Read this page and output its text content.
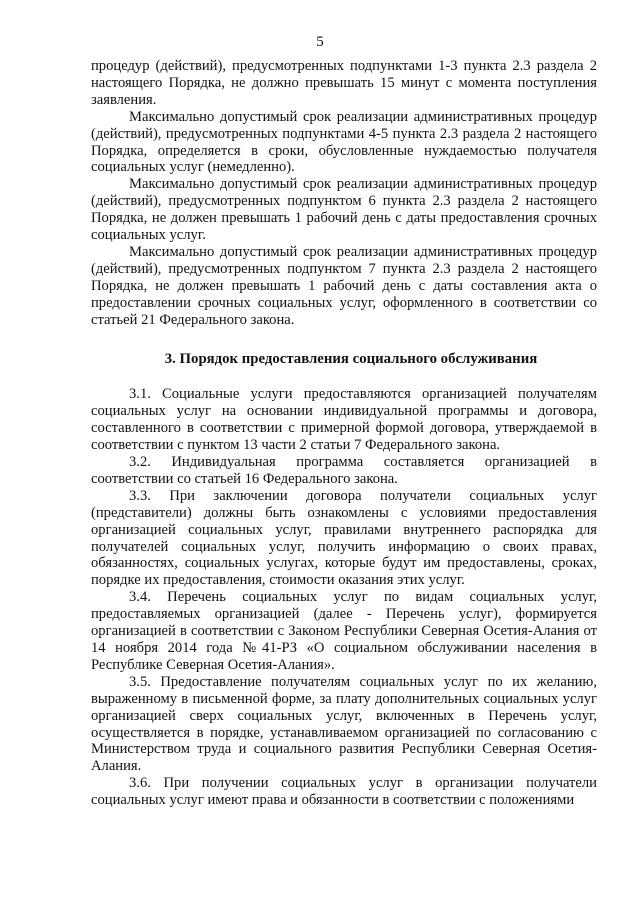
5

процедур (действий), предусмотренных подпунктами 1-3 пункта 2.3 раздела 2 настоящего Порядка, не должно превышать 15 минут с момента поступления заявления.

Максимально допустимый срок реализации административных процедур (действий), предусмотренных подпунктами 4-5 пункта 2.3 раздела 2 настоящего Порядка, определяется в сроки, обусловленные нуждаемостью получателя социальных услуг (немедленно).

Максимально допустимый срок реализации административных процедур (действий), предусмотренных подпунктом 6 пункта 2.3 раздела 2 настоящего Порядка, не должен превышать 1 рабочий день с даты предоставления срочных социальных услуг.

Максимально допустимый срок реализации административных процедур (действий), предусмотренных подпунктом 7 пункта 2.3 раздела 2 настоящего Порядка, не должен превышать 1 рабочий день с даты составления акта о предоставлении срочных социальных услуг, оформленного в соответствии со статьей 21 Федерального закона.

3. Порядок предоставления социального обслуживания

3.1. Социальные услуги предоставляются организацией получателям социальных услуг на основании индивидуальной программы и договора, составленного в соответствии с примерной формой договора, утверждаемой в соответствии с пунктом 13 части 2 статьи 7 Федерального закона.

3.2. Индивидуальная программа составляется организацией в соответствии со статьей 16 Федерального закона.

3.3. При заключении договора получатели социальных услуг (представители) должны быть ознакомлены с условиями предоставления организацией социальных услуг, правилами внутреннего распорядка для получателей социальных услуг, получить информацию о своих правах, обязанностях, социальных услугах, которые будут им предоставлены, сроках, порядке их предоставления, стоимости оказания этих услуг.

3.4. Перечень социальных услуг по видам социальных услуг, предоставляемых организацией (далее - Перечень услуг), формируется организацией в соответствии с Законом Республики Северная Осетия-Алания от 14 ноября 2014 года №41-РЗ «О социальном обслуживании населения в Республике Северная Осетия-Алания».

3.5. Предоставление получателям социальных услуг по их желанию, выраженному в письменной форме, за плату дополнительных социальных услуг организацией сверх социальных услуг, включенных в Перечень услуг, осуществляется в порядке, устанавливаемом организацией по согласованию с Министерством труда и социального развития Республики Северная Осетия-Алания.

3.6. При получении социальных услуг в организации получатели социальных услуг имеют права и обязанности в соответствии с положениями
